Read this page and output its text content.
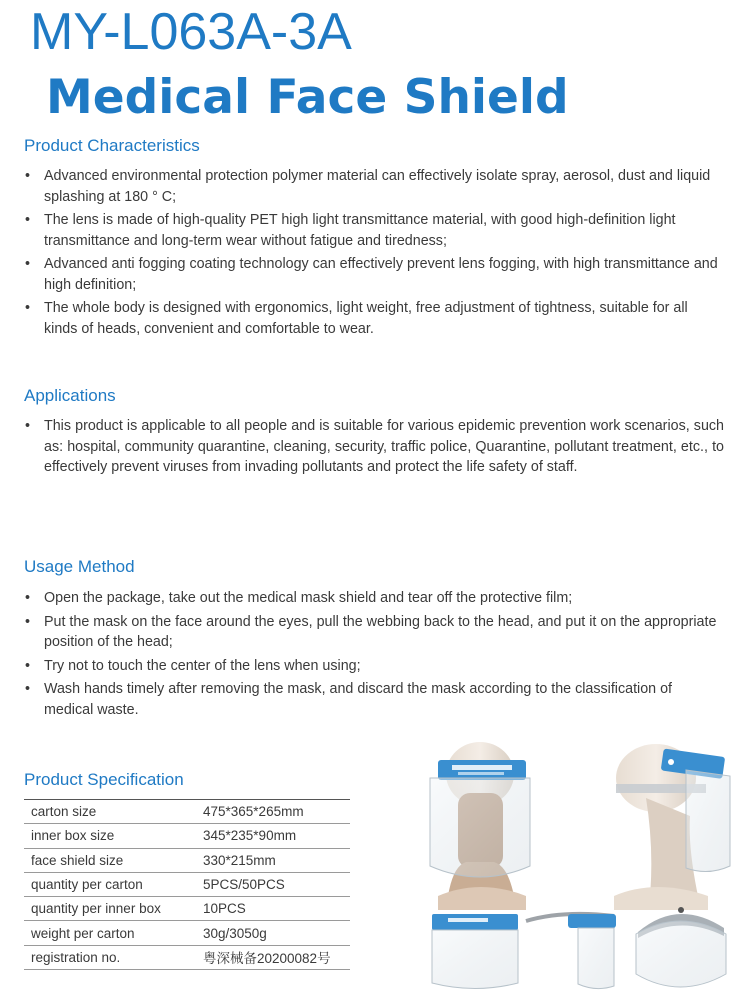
MY-L063A-3A
Medical Face Shield
Product Characteristics
• Advanced environmental protection polymer material can effectively isolate spray, aerosol, dust and liquid splashing at 180 ° C;
• The lens is made of high-quality PET high light transmittance material, with good high-definition light transmittance and long-term wear without fatigue and tiredness;
• Advanced anti fogging coating technology can effectively prevent lens fogging, with high transmittance and high definition;
• The whole body is designed with ergonomics, light weight, free adjustment of tightness, suitable for all kinds of heads, convenient and comfortable to wear.
Applications
• This product is applicable to all people and is suitable for various epidemic prevention work scenarios, such as: hospital, community quarantine, cleaning, security, traffic police, Quarantine, pollutant treatment, etc., to effectively prevent viruses from invading pollutants and protect the life safety of staff.
Usage Method
• Open the package, take out the medical mask shield and tear off the protective film;
• Put the mask on the face around the eyes, pull the webbing back to the head, and put it on the appropriate position of the head;
• Try not to touch the center of the lens when using;
• Wash hands timely after removing the mask, and discard the mask according to the classification of medical waste.
Product Specification
carton size	475*365*265mm
inner box size	345*235*90mm
face shield size	330*215mm
quantity per carton	5PCS/50PCS
quantity per inner box	10PCS
weight per carton	30g/3050g
registration no.	粤深械备20200082号
